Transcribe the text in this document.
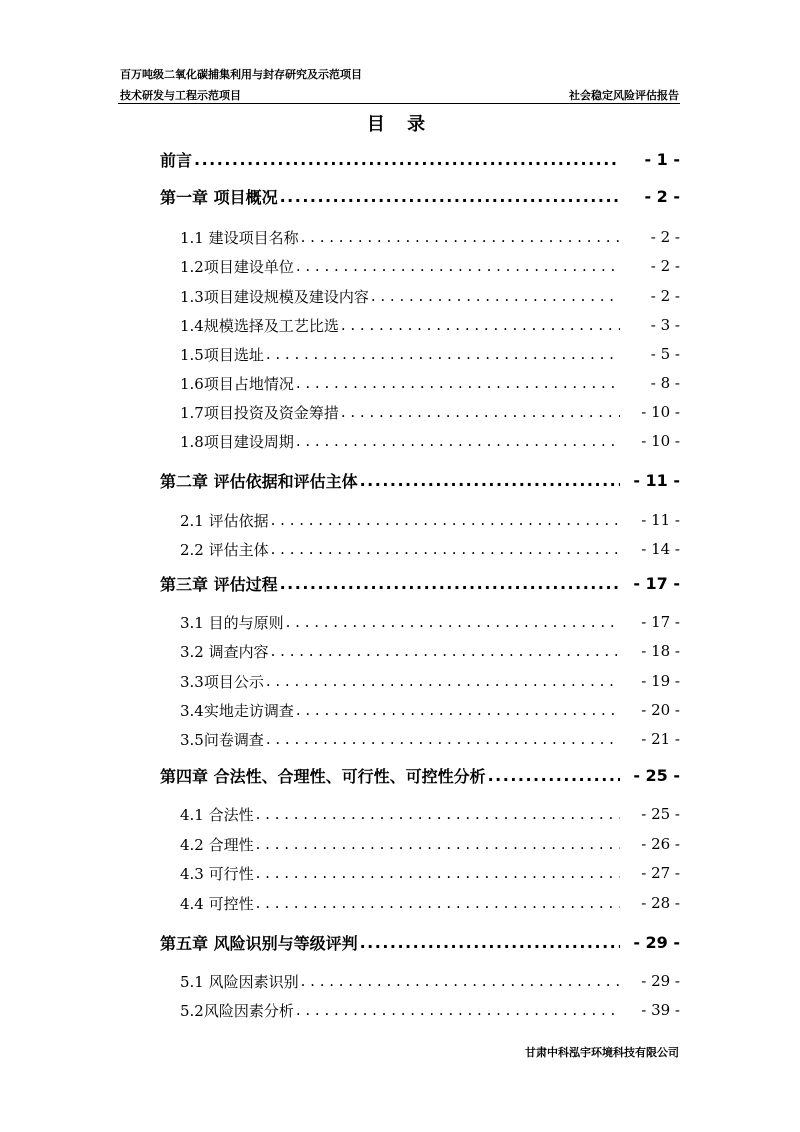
百万吨级二氧化碳捕集利用与封存研究及示范项目
技术研发与工程示范项目	社会稳定风险评估报告
目 录
前言 .....	- 1 -
第一章 项目概况 .....	- 2 -
1.1 建设项目名称 . . .	- 2 -
1.2项目建设单位 . . .	- 2 -
1.3项目建设规模及建设内容 . . .	- 2 -
1.4规模选择及工艺比选 . . .	- 3 -
1.5项目选址 . . .	- 5 -
1.6项目占地情况 . . .	- 8 -
1.7项目投资及资金筹措 . . .	- 10 -
1.8项目建设周期 . . .	- 10 -
第二章 评估依据和评估主体 .....	- 11 -
2.1 评估依据 . . .	- 11 -
2.2 评估主体 . . .	- 14 -
第三章 评估过程 .....	- 17 -
3.1 目的与原则 . . .	- 17 -
3.2 调查内容 . . .	- 18 -
3.3项目公示 . . .	- 19 -
3.4实地走访调查 . . .	- 20 -
3.5问卷调查 . . .	- 21 -
第四章 合法性、合理性、可行性、可控性分析 .....	- 25 -
4.1 合法性 . . .	- 25 -
4.2 合理性 . . .	- 26 -
4.3 可行性 . . .	- 27 -
4.4 可控性 . . .	- 28 -
第五章 风险识别与等级评判 .....	- 29 -
5.1 风险因素识别 . . .	- 29 -
5.2风险因素分析 . . .	- 39 -
甘肃中科泓宇环境科技有限公司
